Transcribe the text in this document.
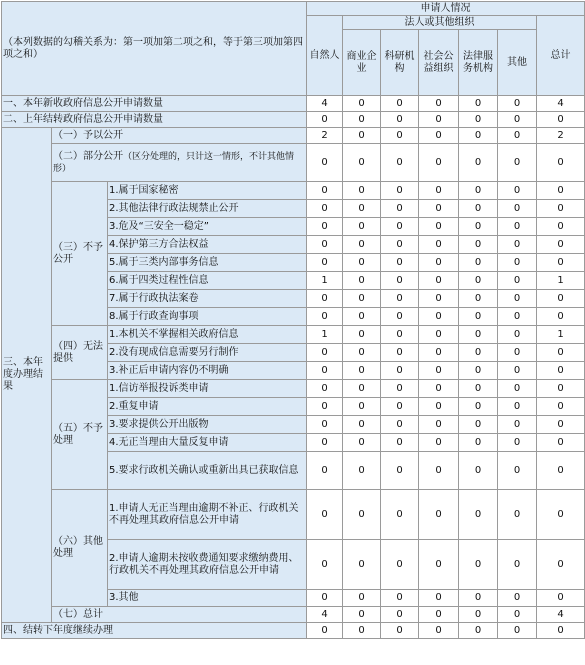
（本列数据的勾稽关系为：第一项加第二项之和，等于第三项加第四项之和）			申请人情况						
			自然人	法人或其他组织					总计
				商业企业	科研机构	社会公益组织	法律服务机构	其他	
一、本年新收政府信息公开申请数量			4	0	0	0	0	0	4
二、上年结转政府信息公开申请数量			0	0	0	0	0	0	0
三、本年度办理结果	（一）予以公开		2	0	0	0	0	0	2
	（二）部分公开（区分处理的，只计这一情形，不计其他情形）		0	0	0	0	0	0	0
	（三）不予公开	1.属于国家秘密	0	0	0	0	0	0	0
		2.其他法律行政法规禁止公开	0	0	0	0	0	0	0
		3.危及“三安全一稳定”	0	0	0	0	0	0	0
		4.保护第三方合法权益	0	0	0	0	0	0	0
		5.属于三类内部事务信息	0	0	0	0	0	0	0
		6.属于四类过程性信息	1	0	0	0	0	0	1
		7.属于行政执法案卷	0	0	0	0	0	0	0
		8.属于行政查询事项	0	0	0	0	0	0	0
	（四）无法提供	1.本机关不掌握相关政府信息	1	0	0	0	0	0	1
		2.没有现成信息需要另行制作	0	0	0	0	0	0	0
		3.补正后申请内容仍不明确	0	0	0	0	0	0	0
	（五）不予处理	1.信访举报投诉类申请	0	0	0	0	0	0	0
		2.重复申请	0	0	0	0	0	0	0
		3.要求提供公开出版物	0	0	0	0	0	0	0
		4.无正当理由大量反复申请	0	0	0	0	0	0	0
		5.要求行政机关确认或重新出具已获取信息	0	0	0	0	0	0	0
	（六）其他处理	1.申请人无正当理由逾期不补正、行政机关不再处理其政府信息公开申请	0	0	0	0	0	0	0
		2.申请人逾期未按收费通知要求缴纳费用、行政机关不再处理其政府信息公开申请	0	0	0	0	0	0	0
		3.其他	0	0	0	0	0	0	0
	（七）总计		4	0	0	0	0	0	4
四、结转下年度继续办理			0	0	0	0	0	0	0
